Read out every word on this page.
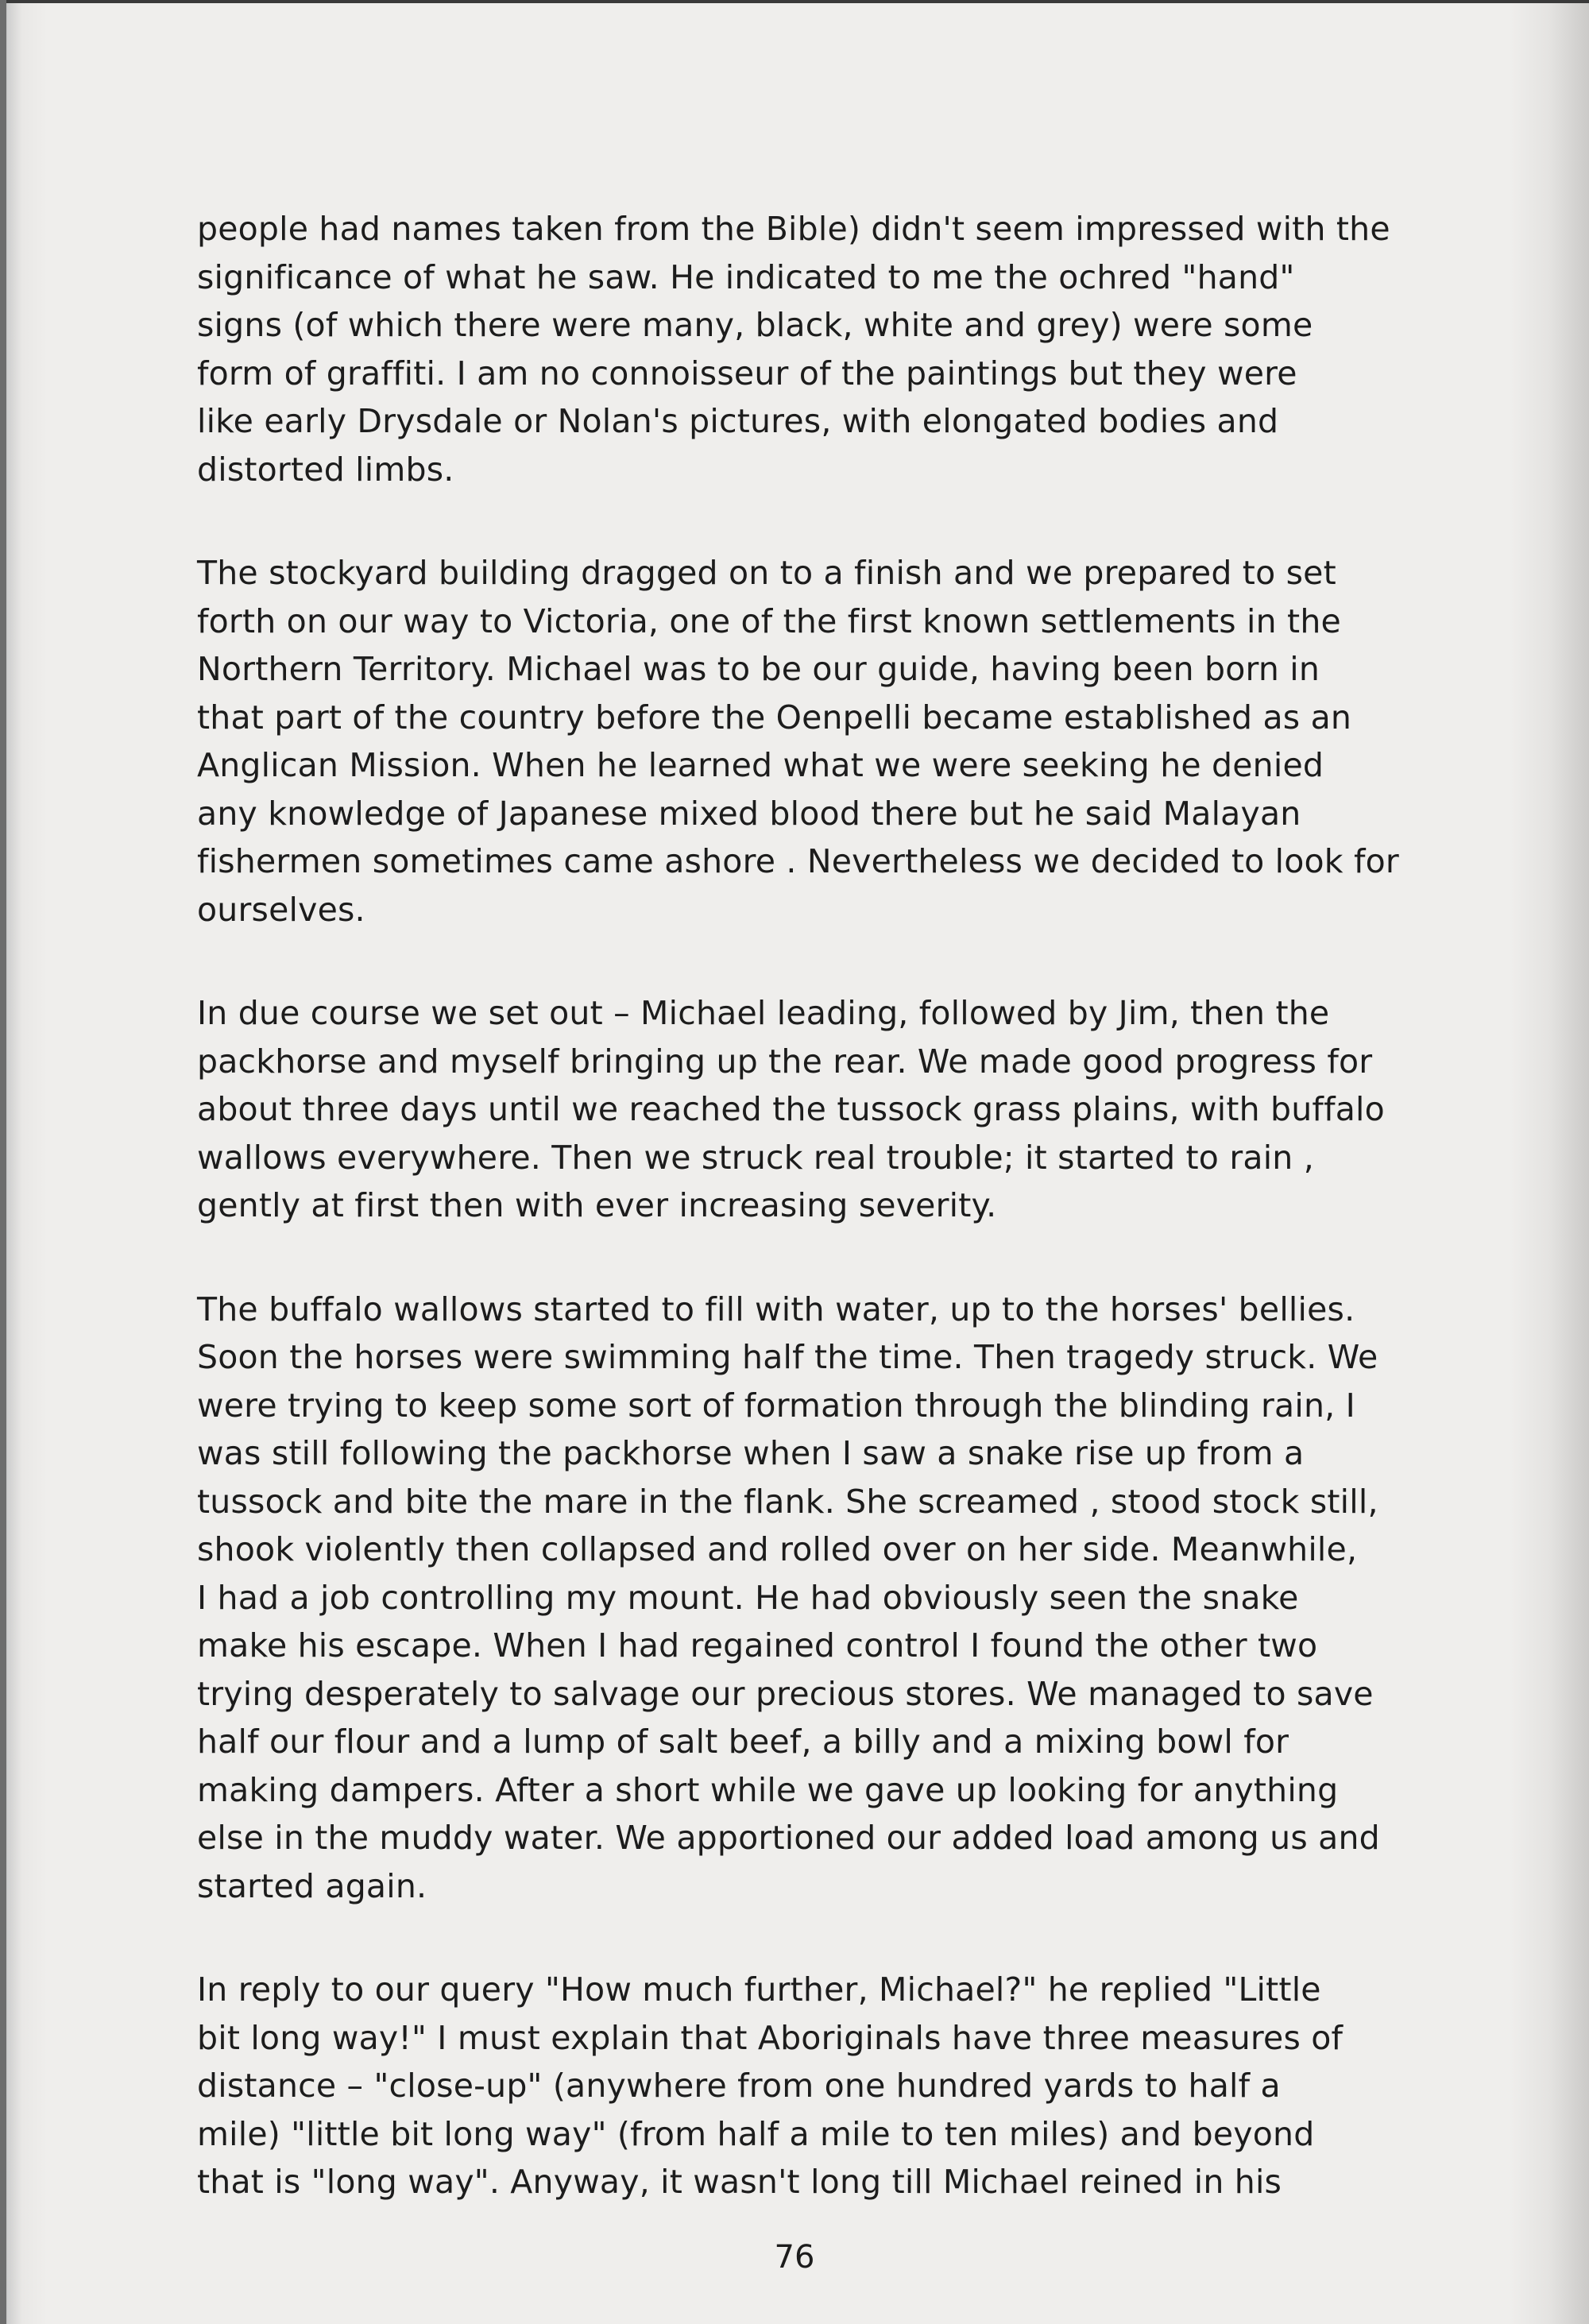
people had names taken from the Bible) didn't seem impressed with the
significance of what he saw. He indicated to me the ochred "hand"
signs (of which there were many, black, white and grey) were some
form of graffiti. I am no connoisseur of the paintings but they were
like early Drysdale or Nolan's pictures, with elongated bodies and
distorted limbs.

The stockyard building dragged on to a finish and we prepared to set
forth on our way to Victoria, one of the first known settlements in the
Northern Territory. Michael was to be our guide, having been born in
that part of the country before the Oenpelli became established as an
Anglican Mission. When he learned what we were seeking he denied
any knowledge of Japanese mixed blood there but he said Malayan
fishermen sometimes came ashore . Nevertheless we decided to look for
ourselves.

In due course we set out – Michael leading, followed by Jim, then the
packhorse and myself bringing up the rear. We made good progress for
about three days until we reached the tussock grass plains, with buffalo
wallows everywhere. Then we struck real trouble; it started to rain ,
gently at first then with ever increasing severity.

The buffalo wallows started to fill with water, up to the horses' bellies.
Soon the horses were swimming half the time. Then tragedy struck. We
were trying to keep some sort of formation through the blinding rain, I
was still following the packhorse when I saw a snake rise up from a
tussock and bite the mare in the flank. She screamed , stood stock still,
shook violently then collapsed and rolled over on her side. Meanwhile,
I had a job controlling my mount. He had obviously seen the snake
make his escape. When I had regained control I found the other two
trying desperately to salvage our precious stores. We managed to save
half our flour and a lump of salt beef, a billy and a mixing bowl for
making dampers. After a short while we gave up looking for anything
else in the muddy water. We apportioned our added load among us and
started again.

In reply to our query "How much further, Michael?" he replied "Little
bit long way!" I must explain that Aboriginals have three measures of
distance – "close-up" (anywhere from one hundred yards to half a
mile) "little bit long way" (from half a mile to ten miles) and beyond
that is "long way". Anyway, it wasn't long till Michael reined in his

76
